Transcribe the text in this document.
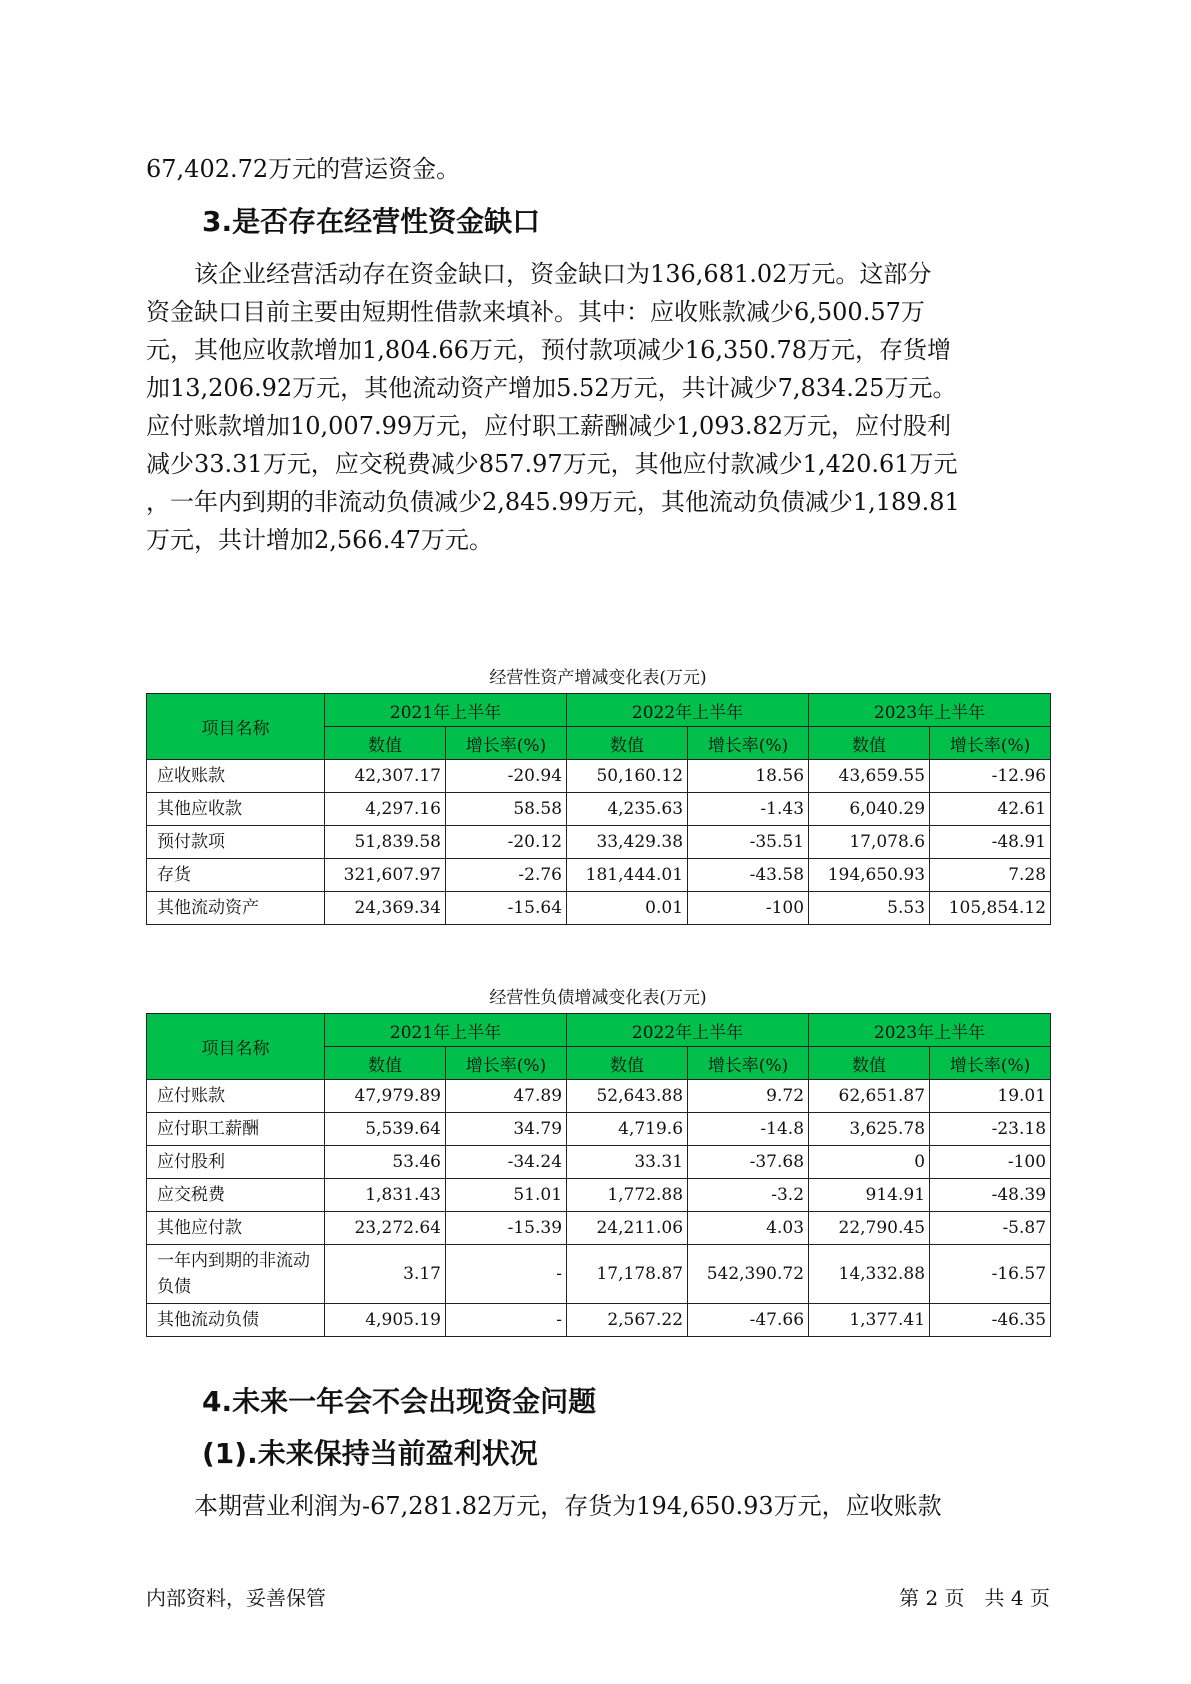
67,402.72万元的营运资金。

3.是否存在经营性资金缺口
　　该企业经营活动存在资金缺口，资金缺口为136,681.02万元。这部分
资金缺口目前主要由短期性借款来填补。其中：应收账款减少6,500.57万
元，其他应收款增加1,804.66万元，预付款项减少16,350.78万元，存货增
加13,206.92万元，其他流动资产增加5.52万元，共计减少7,834.25万元。
应付账款增加10,007.99万元，应付职工薪酬减少1,093.82万元，应付股利
减少33.31万元，应交税费减少857.97万元，其他应付款减少1,420.61万元
，一年内到期的非流动负债减少2,845.99万元，其他流动负债减少1,189.81
万元，共计增加2,566.47万元。

经营性资产增减变化表(万元)

项目名称	2021年上半年		2022年上半年		2023年上半年	
	数值	增长率(%)	数值	增长率(%)	数值	增长率(%)
应收账款	42,307.17	-20.94	50,160.12	18.56	43,659.55	-12.96
其他应收款	4,297.16	58.58	4,235.63	-1.43	6,040.29	42.61
预付款项	51,839.58	-20.12	33,429.38	-35.51	17,078.6	-48.91
存货	321,607.97	-2.76	181,444.01	-43.58	194,650.93	7.28
其他流动资产	24,369.34	-15.64	0.01	-100	5.53	105,854.12

经营性负债增减变化表(万元)

项目名称	2021年上半年		2022年上半年		2023年上半年	
	数值	增长率(%)	数值	增长率(%)	数值	增长率(%)
应付账款	47,979.89	47.89	52,643.88	9.72	62,651.87	19.01
应付职工薪酬	5,539.64	34.79	4,719.6	-14.8	3,625.78	-23.18
应付股利	53.46	-34.24	33.31	-37.68	0	-100
应交税费	1,831.43	51.01	1,772.88	-3.2	914.91	-48.39
其他应付款	23,272.64	-15.39	24,211.06	4.03	22,790.45	-5.87
一年内到期的非流动负债	3.17	-	17,178.87	542,390.72	14,332.88	-16.57
其他流动负债	4,905.19	-	2,567.22	-47.66	1,377.41	-46.35
4.未来一年会不会出现资金问题
(1).未来保持当前盈利状况

　　本期营业利润为-67,281.82万元，存货为194,650.93万元，应收账款

内部资料，妥善保管	第 2 页　共 4 页
